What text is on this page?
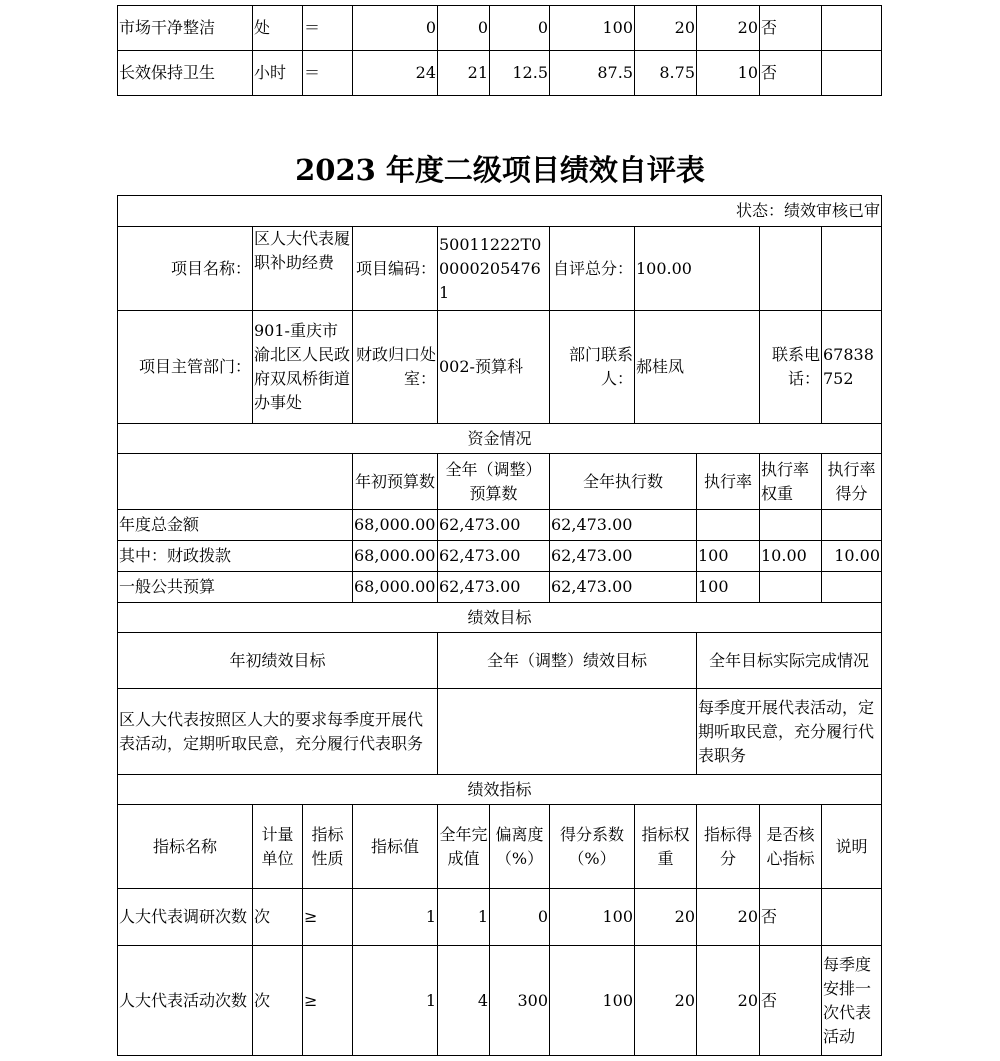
市场干净整洁	处	＝	0	0	0	100	20	20	否	
长效保持卫生	小时	＝	24	21	12.5	87.5	8.75	10	否	
2023 年度二级项目绩效自评表
状态：绩效审核已审										
项目名称：	区人大代表履职补助经费		项目编码：	50011222T000002054761		自评总分：	100.00			
项目主管部门：	901-重庆市渝北区人民政府双凤桥街道办事处		财政归口处室：	002-预算科		部门联系人：	郝桂凤		联系电话：	67838752
资金情况										
			年初预算数	全年（调整）预算数		全年执行数		执行率	执行率权重	执行率得分
年度总金额			68,000.00	62,473.00		62,473.00				
其中：财政拨款			68,000.00	62,473.00		62,473.00		100	10.00	10.00
一般公共预算			68,000.00	62,473.00		62,473.00		100		
绩效目标										
年初绩效目标				全年（调整）绩效目标				全年目标实际完成情况		
区人大代表按照区人大的要求每季度开展代表活动，定期听取民意，充分履行代表职务								每季度开展代表活动，定期听取民意，充分履行代表职务		
绩效指标										
指标名称	计量单位	指标性质	指标值	全年完成值	偏离度（%）	得分系数（%）	指标权重	指标得分	是否核心指标	说明
人大代表调研次数	次	≥	1	1	0	100	20	20	否	
人大代表活动次数	次	≥	1	4	300	100	20	20	否	每季度安排一次代表活动
